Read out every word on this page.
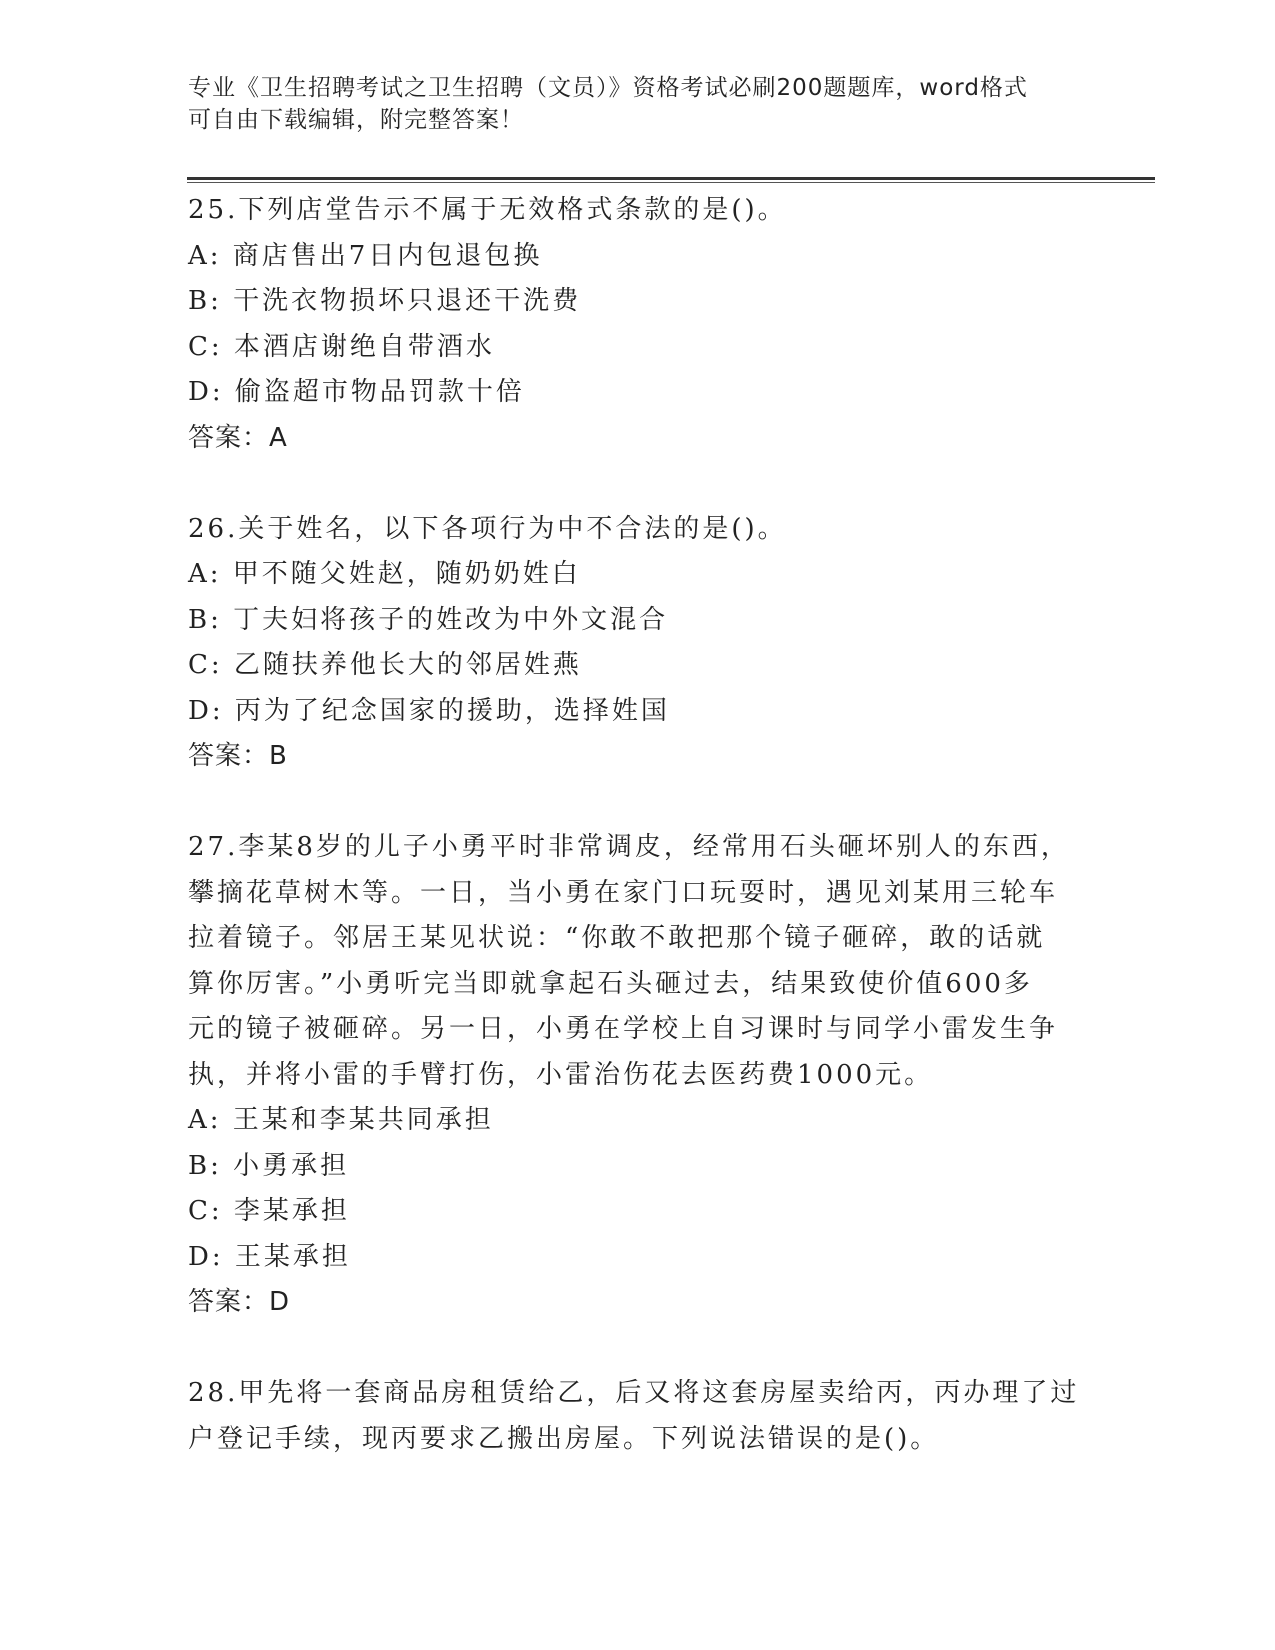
专业《卫生招聘考试之卫生招聘（文员）》资格考试必刷200题题库，word格式
可自由下载编辑，附完整答案！
25.下列店堂告示不属于无效格式条款的是()。
A: 商店售出7日内包退包换
B: 干洗衣物损坏只退还干洗费
C: 本酒店谢绝自带酒水
D: 偷盗超市物品罚款十倍
答案：A
26.关于姓名，以下各项行为中不合法的是()。
A: 甲不随父姓赵，随奶奶姓白
B: 丁夫妇将孩子的姓改为中外文混合
C: 乙随扶养他长大的邻居姓燕
D: 丙为了纪念国家的援助，选择姓国
答案：B
27.李某8岁的儿子小勇平时非常调皮，经常用石头砸坏别人的东西，
攀摘花草树木等。一日，当小勇在家门口玩耍时，遇见刘某用三轮车
拉着镜子。邻居王某见状说：“你敢不敢把那个镜子砸碎，敢的话就
算你厉害。”小勇听完当即就拿起石头砸过去，结果致使价值600多
元的镜子被砸碎。另一日，小勇在学校上自习课时与同学小雷发生争
执，并将小雷的手臂打伤，小雷治伤花去医药费1000元。
A: 王某和李某共同承担
B: 小勇承担
C: 李某承担
D: 王某承担
答案：D
28.甲先将一套商品房租赁给乙，后又将这套房屋卖给丙，丙办理了过
户登记手续，现丙要求乙搬出房屋。下列说法错误的是()。
